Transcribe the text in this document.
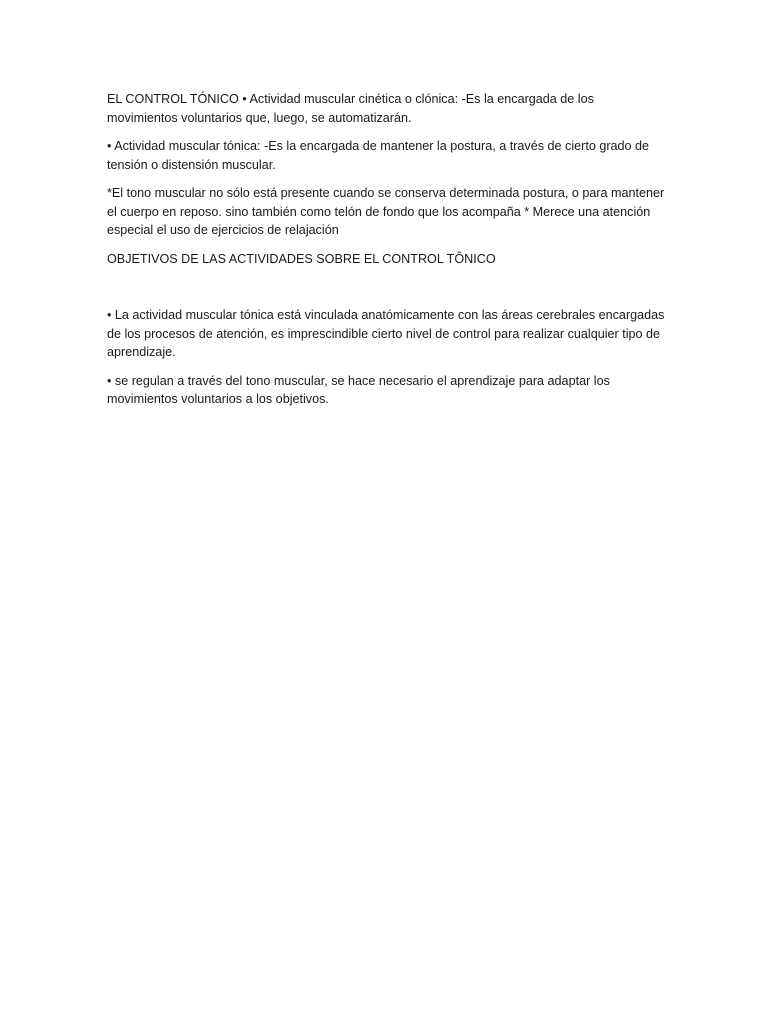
EL CONTROL TÓNICO • Actividad muscular cinética o clónica: -Es la encargada de los movimientos voluntarios que, luego, se automatizarán.

• Actividad muscular tónica: -Es la encargada de mantener la postura, a través de cierto grado de tensión o distensión muscular.

*El tono muscular no sólo está presente cuando se conserva determinada postura, o para mantener el cuerpo en reposo. sino también como telón de fondo que los acompaña * Merece una atención especial el uso de ejercicios de relajación

OBJETIVOS DE LAS ACTIVIDADES SOBRE EL CONTROL TÔNICO

• La actividad muscular tónica está vinculada anatómicamente con las áreas cerebrales encargadas de los procesos de atención, es imprescindible cierto nivel de control para realizar cualquier tipo de aprendizaje.

• se regulan a través del tono muscular, se hace necesario el aprendizaje para adaptar los movimientos voluntarios a los objetivos.
